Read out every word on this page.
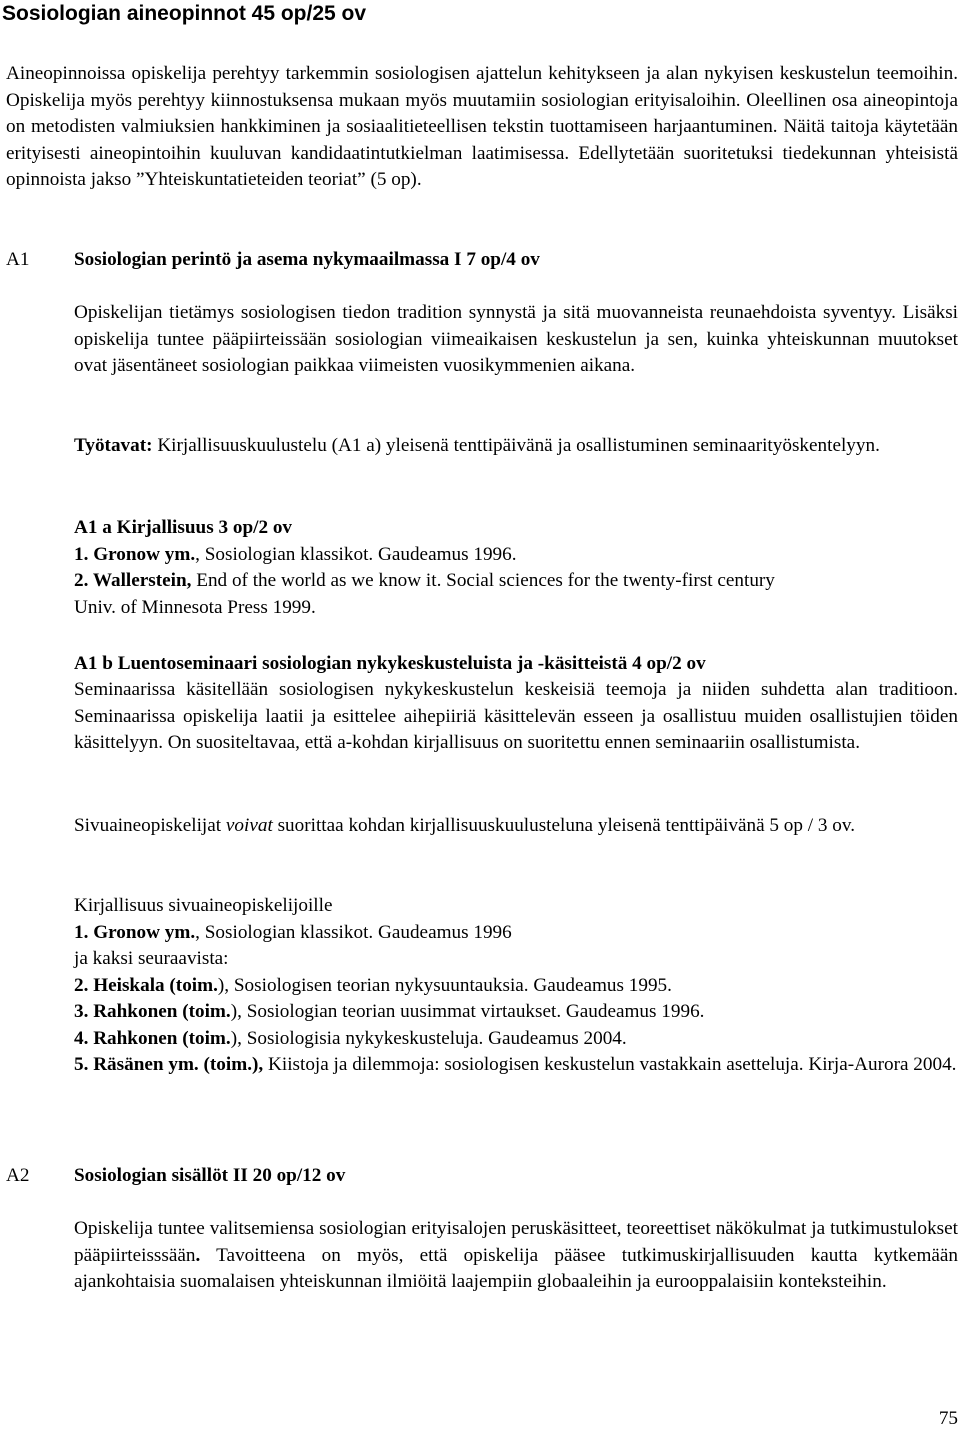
Sosiologian aineopinnot 45 op/25 ov

Aineopinnoissa opiskelija perehtyy tarkemmin sosiologisen ajattelun kehitykseen ja alan nykyisen keskustelun teemoihin. Opiskelija myös perehtyy kiinnostuksensa mukaan myös muutamiin sosiologian erityisaloihin. Oleellinen osa aineopintoja on metodisten valmiuksien hankkiminen ja sosiaalitieteellisen tekstin tuottamiseen harjaantuminen. Näitä taitoja käytetään erityisesti aineopintoihin kuuluvan kandidaatintutkielman laatimisessa. Edellytetään suoritetuksi tiedekunnan yhteisistä opinnoista jakso ”Yhteiskuntatieteiden teoriat” (5 op).

A1 Sosiologian perintö ja asema nykymaailmassa I 7 op/4 ov

Opiskelijan tietämys sosiologisen tiedon tradition synnystä ja sitä muovanneista reunaehdoista syventyy. Lisäksi opiskelija tuntee pääpiirteissään sosiologian viimeaikaisen keskustelun ja sen, kuinka yhteiskunnan muutokset ovat jäsentäneet sosiologian paikkaa viimeisten vuosikymmenien aikana.

Työtavat: Kirjallisuuskuulustelu (A1 a) yleisenä tenttipäivänä ja osallistuminen seminaarityöskentelyyn.

A1 a Kirjallisuus 3 op/2 ov
1. Gronow ym., Sosiologian klassikot. Gaudeamus 1996.
2. Wallerstein, End of the world as we know it. Social sciences for the twenty-first century
Univ. of Minnesota Press 1999.
A1 b Luentoseminaari sosiologian nykykeskusteluista ja -käsitteistä 4 op/2 ov

Seminaarissa käsitellään sosiologisen nykykeskustelun keskeisiä teemoja ja niiden suhdetta alan traditioon. Seminaarissa opiskelija laatii ja esittelee aihepiiriä käsittelevän esseen ja osallistuu muiden osallistujien töiden käsittelyyn. On suositeltavaa, että a-kohdan kirjallisuus on suoritettu ennen seminaariin osallistumista.

Sivuaineopiskelijat voivat suorittaa kohdan kirjallisuuskuulusteluna yleisenä tenttipäivänä 5 op / 3 ov.

Kirjallisuus sivuaineopiskelijoille
1. Gronow ym., Sosiologian klassikot. Gaudeamus 1996
ja kaksi seuraavista:
2. Heiskala (toim.), Sosiologisen teorian nykysuuntauksia. Gaudeamus 1995.
3. Rahkonen (toim.), Sosiologian teorian uusimmat virtaukset. Gaudeamus 1996.
4. Rahkonen (toim.), Sosiologisia nykykeskusteluja. Gaudeamus 2004.

5. Räsänen ym. (toim.), Kiistoja ja dilemmoja: sosiologisen keskustelun vastakkain asetteluja. Kirja-Aurora 2004.

A2 Sosiologian sisällöt II 20 op/12 ov

Opiskelija tuntee valitsemiensa sosiologian erityisalojen peruskäsitteet, teoreettiset näkökulmat ja tutkimustulokset pääpiirteisssään. Tavoitteena on myös, että opiskelija pääsee tutkimuskirjallisuuden kautta kytkemään ajankohtaisia suomalaisen yhteiskunnan ilmiöitä laajempiin globaaleihin ja eurooppalaisiin konteksteihin.

75
